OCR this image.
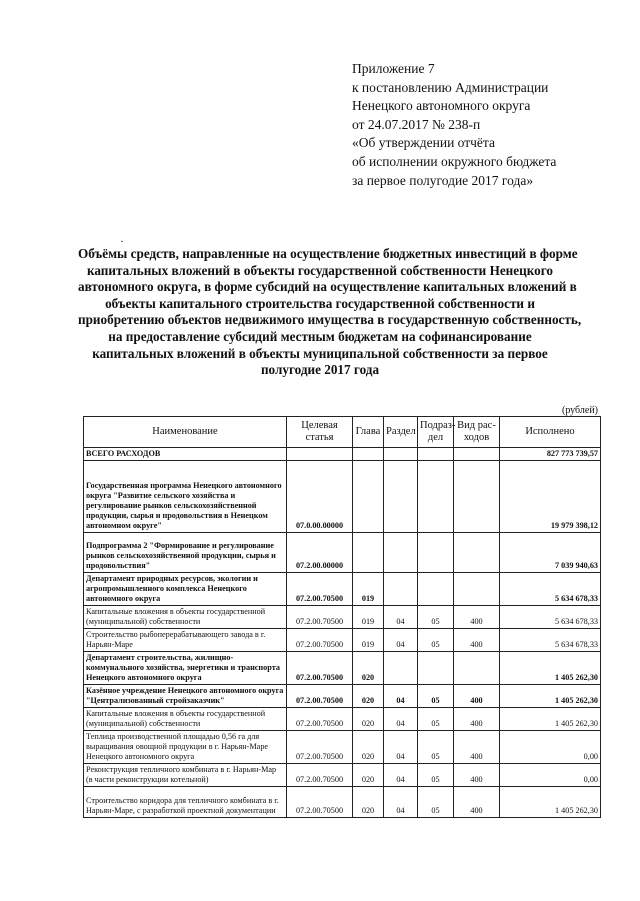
Приложение 7
к постановлению Администрации
Ненецкого автономного округа
от 24.07.2017 № 238-п
«Об утверждении отчёта
об исполнении окружного бюджета
за первое полугодие 2017 года»
·
Объёмы средств, направленные на осуществление бюджетных инвестиций в форме
капитальных вложений в объекты государственной собственности Ненецкого
автономного округа, в форме субсидий на осуществление капитальных вложений в
объекты капитального строительства государственной собственности и
приобретению объектов недвижимого имущества в государственную собственность,
на предоставление субсидий местным бюджетам на софинансирование
капитальных вложений в объекты муниципальной собственности за первое
полугодие 2017 года
(рублей)
Наименование	Целевая статья	Глава	Раздел	Подраз-дел	Вид рас-ходов	Исполнено
ВСЕГО РАСХОДОВ						827 773 739,57
Государственная программа Ненецкого автономного округа "Развитие сельского хозяйства и регулирование рынков сельскохозяйственной продукции, сырья и продовольствия в Ненецком автономном округе"	07.0.00.00000					19 979 398,12
Подпрограмма 2 "Формирование и регулирование рынков сельскохозяйственной продукции, сырья и продовольствия"	07.2.00.00000					7 039 940,63
Департамент природных ресурсов, экологии и агропромышленного комплекса Ненецкого автономного округа	07.2.00.70500	019				5 634 678,33
Капитальные вложения в объекты государственной (муниципальной) собственности	07.2.00.70500	019	04	05	400	5 634 678,33
Строительство рыбоперерабатывающего завода в г. Нарьян-Маре	07.2.00.70500	019	04	05	400	5 634 678,33
Департамент строительства, жилищно-коммунального хозяйства, энергетики и транспорта Ненецкого автономного округа	07.2.00.70500	020				1 405 262,30
Казённое учреждение Ненецкого автономного округа "Централизованный стройзаказчик"	07.2.00.70500	020	04	05	400	1 405 262,30
Капитальные вложения в объекты государственной (муниципальной) собственности	07.2.00.70500	020	04	05	400	1 405 262,30
Теплица производственной площадью 0,56 га для выращивания овощной продукции в г. Нарьян-Маре Ненецкого автономного округа	07.2.00.70500	020	04	05	400	0,00
Реконструкция тепличного комбината в г. Нарьян-Мар (в части реконструкции котельной)	07.2.00.70500	020	04	05	400	0,00
Строительство коридора для тепличного комбината в г. Нарьян-Маре, с разработкой проектной документации	07.2.00.70500	020	04	05	400	1 405 262,30
